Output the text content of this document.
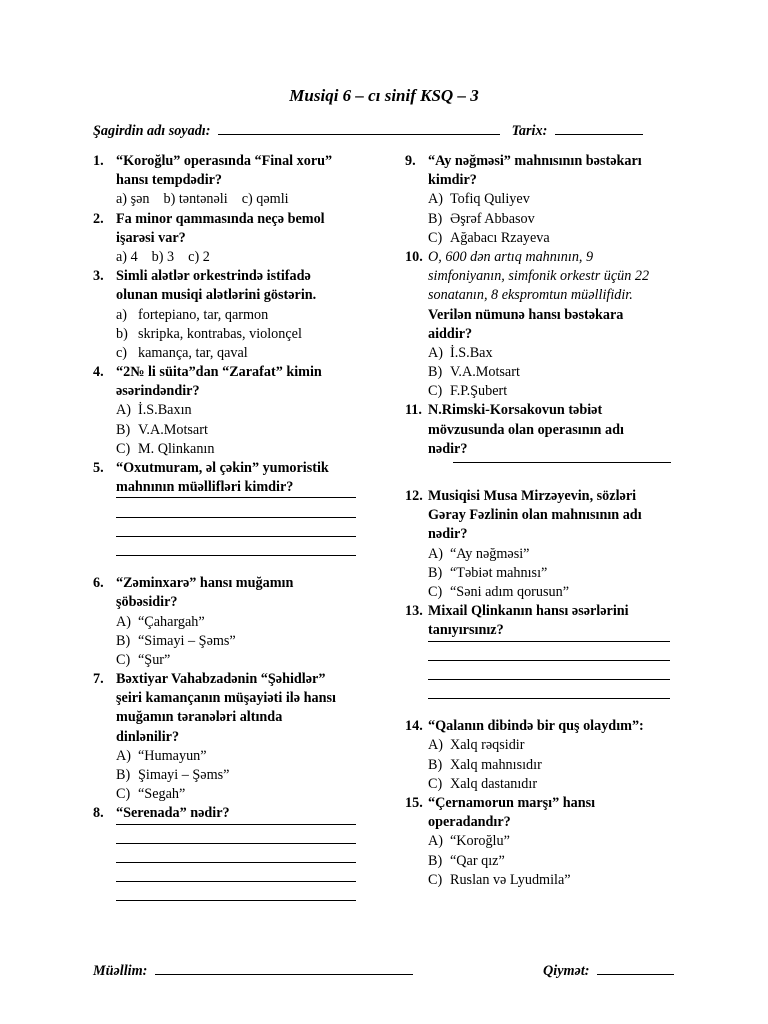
Musiqi 6 – cı sinif KSQ – 3
Şagirdin adı soyadı:	Tarix:
1. “Koroğlu” operasında “Final xoru”
hansı tempdədir?
a) şən b) təntənəli c) qəmli
2. Fa minor qammasında neçə bemol
işarəsi var?
a) 4 b) 3 c) 2
3. Simli alətlər orkestrində istifadə
olunan musiqi alətlərini göstərin.
a) fortepiano, tar, qarmon
b) skripka, kontrabas, violonçel
c) kamança, tar, qaval
4. “2№ li süita”dan “Zarafat” kimin
əsərindəndir?
A) İ.S.Baxın
B) V.A.Motsart
C) M. Qlinkanın
5. “Oxutmuram, əl çəkin” yumoristik
mahnının müəllifləri kimdir?
6. “Zəminxarə” hansı muğamın
şöbəsidir?
A) “Çahargah”
B) “Simayi – Şəms”
C) “Şur”
7. Bəxtiyar Vahabzadənin “Şəhidlər”
şeiri kamançanın müşayiəti ilə hansı
muğamın təranələri altında
dinlənilir?
A) “Humayun”
B) Şimayi – Şəms”
C) “Segah”
8. “Serenada” nədir?
9. “Ay nəğməsi” mahnısının bəstəkarı
kimdir?
A) Tofiq Quliyev
B) Əşrəf Abbasov
C) Ağabacı Rzayeva
10. O, 600 dən artıq mahnının, 9
simfoniyanın, simfonik orkestr üçün 22
sonatanın, 8 ekspromtun müəllifidir.
Verilən nümunə hansı bəstəkara
aiddir?
A) İ.S.Bax
B) V.A.Motsart
C) F.P.Şubert
11. N.Rimski-Korsakovun təbiət
mövzusunda olan operasının adı
nədir?
12. Musiqisi Musa Mirzəyevin, sözləri
Gəray Fəzlinin olan mahnısının adı
nədir?
A) “Ay nəğməsi”
B) “Təbiət mahnısı”
C) “Səni adım qorusun”
13. Mixail Qlinkanın hansı əsərlərini
tanıyırsınız?
14. “Qalanın dibində bir quş olaydım”:
A) Xalq rəqsidir
B) Xalq mahnısıdır
C) Xalq dastanıdır
15. “Çernamorun marşı” hansı
operadandır?
A) “Koroğlu”
B) “Qar qız”
C) Ruslan və Lyudmila”
Müəllim:	Qiymət:
